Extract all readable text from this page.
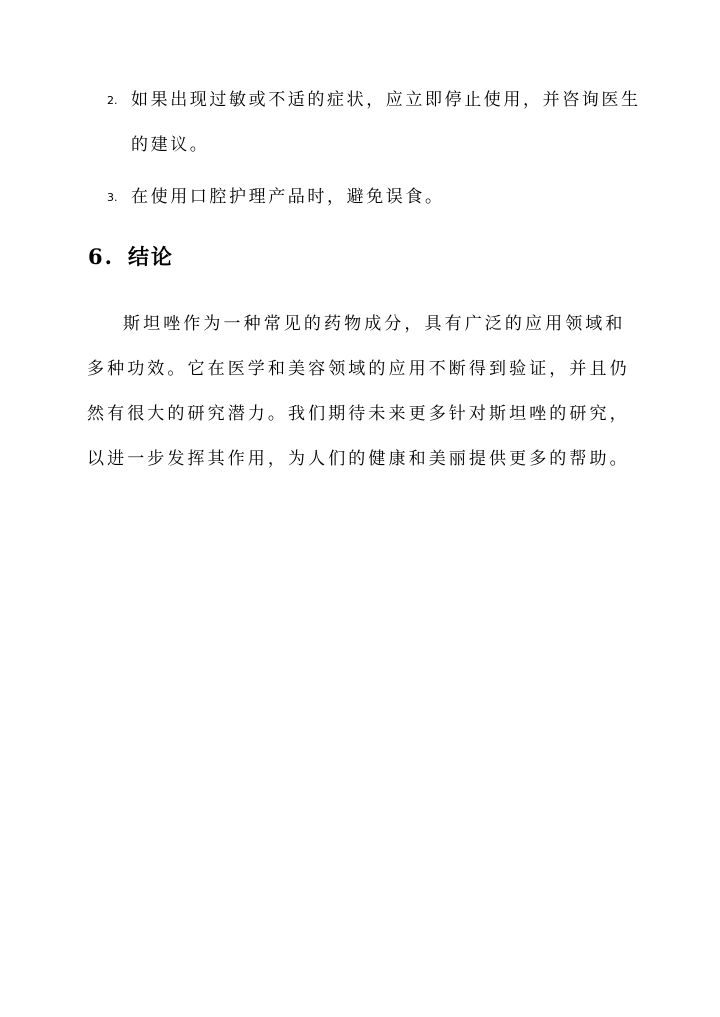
2. 如果出现过敏或不适的症状，应立即停止使用，并咨询医生
的建议。
3. 在使用口腔护理产品时，避免误食。
6. 结论

斯坦唑作为一种常见的药物成分，具有广泛的应用领域和多种功效。它在医学和美容领域的应用不断得到验证，并且仍然有很大的研究潜力。我们期待未来更多针对斯坦唑的研究，以进一步发挥其作用，为人们的健康和美丽提供更多的帮助。
